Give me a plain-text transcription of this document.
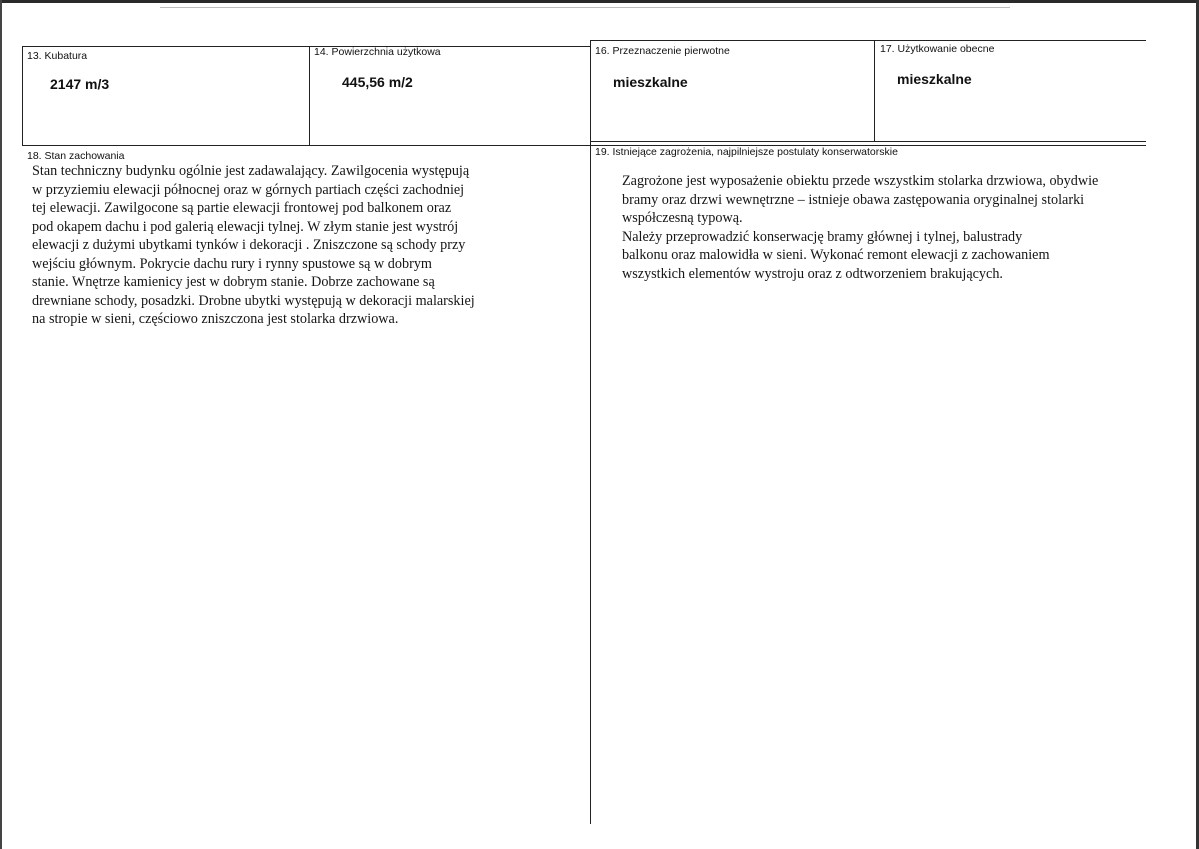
13. Kubatura
2147 m/3
14. Powierzchnia użytkowa
445,56 m/2
16. Przeznaczenie pierwotne
mieszkalne
17. Użytkowanie obecne
mieszkalne
18. Stan zachowania

Stan techniczny budynku ogólnie jest zadawalający. Zawilgocenia występują

w przyziemiu elewacji północnej oraz w górnych partiach części zachodniej

tej elewacji. Zawilgocone są partie elewacji frontowej pod balkonem oraz

pod okapem dachu i pod galerią elewacji tylnej. W złym stanie jest wystrój

elewacji z dużymi ubytkami tynków i dekoracji . Zniszczone są schody przy

wejściu głównym. Pokrycie dachu rury i rynny spustowe są w dobrym

stanie. Wnętrze kamienicy jest w dobrym stanie. Dobrze zachowane są

drewniane schody, posadzki. Drobne ubytki występują w dekoracji malarskiej

na stropie w sieni, częściowo zniszczona jest stolarka drzwiowa.

19. Istniejące zagrożenia, najpilniejsze postulaty konserwatorskie

Zagrożone jest wyposażenie obiektu przede wszystkim stolarka drzwiowa, obydwie

bramy oraz drzwi wewnętrzne – istnieje obawa zastępowania oryginalnej stolarki

współczesną typową.

Należy przeprowadzić konserwację bramy głównej i tylnej, balustrady

balkonu oraz malowidła w sieni. Wykonać remont elewacji z zachowaniem

wszystkich elementów wystroju oraz z odtworzeniem brakujących.
